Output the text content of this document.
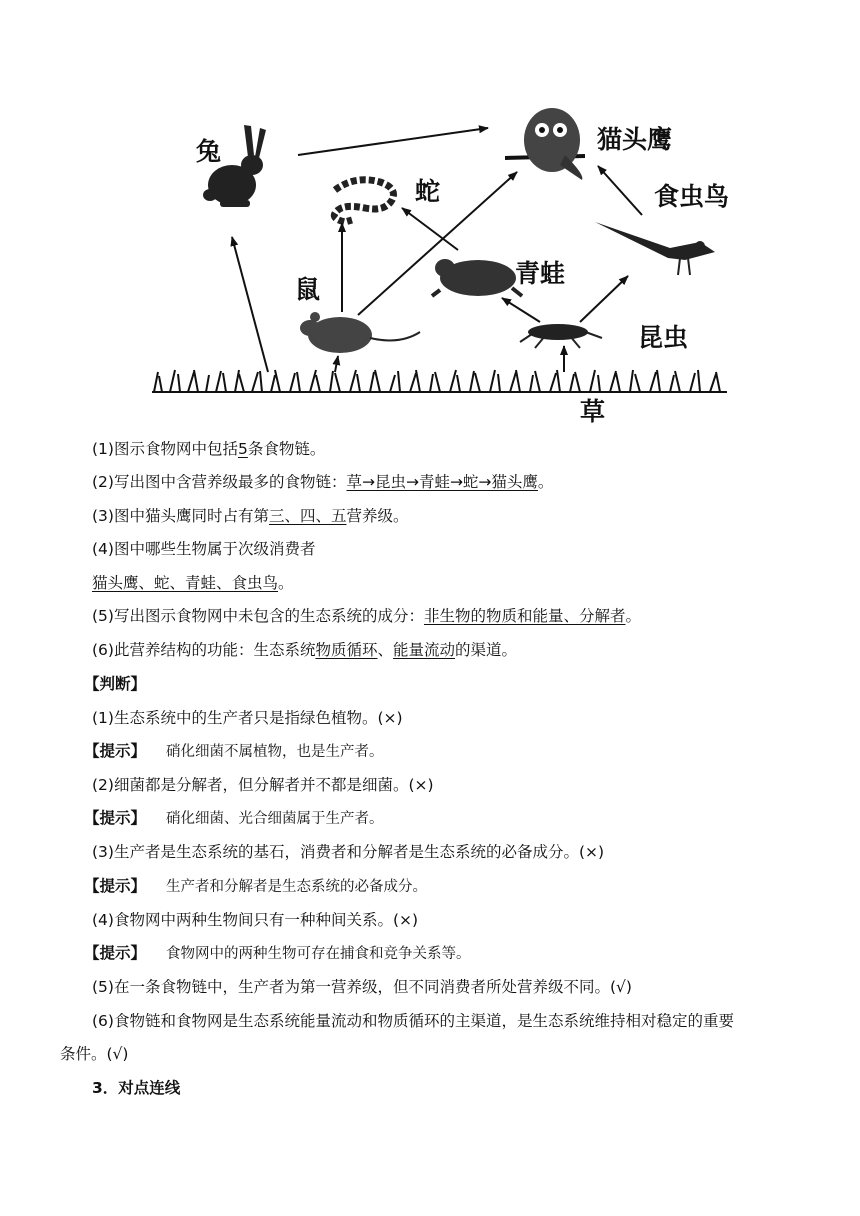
兔	猫头鹰
蛇	食虫鸟
青蛙
鼠
昆虫
草
(1)图示食物网中包括5条食物链。
(2)写出图中含营养级最多的食物链：草→昆虫→青蛙→蛇→猫头鹰。
(3)图中猫头鹰同时占有第三、四、五营养级。
(4)图中哪些生物属于次级消费者
猫头鹰、蛇、青蛙、食虫鸟。
(5)写出图示食物网中未包含的生态系统的成分：非生物的物质和能量、分解者。
(6)此营养结构的功能：生态系统物质循环、能量流动的渠道。
【判断】
(1)生态系统中的生产者只是指绿色植物。(×)
【提示】 硝化细菌不属植物，也是生产者。
(2)细菌都是分解者，但分解者并不都是细菌。(×)
【提示】 硝化细菌、光合细菌属于生产者。
(3)生产者是生态系统的基石，消费者和分解者是生态系统的必备成分。(×)
【提示】 生产者和分解者是生态系统的必备成分。
(4)食物网中两种生物间只有一种种间关系。(×)
【提示】 食物网中的两种生物可存在捕食和竞争关系等。
(5)在一条食物链中，生产者为第一营养级，但不同消费者所处营养级不同。(√)
(6)食物链和食物网是生态系统能量流动和物质循环的主渠道，是生态系统维持相对稳定的重要
条件。(√)
3．对点连线
